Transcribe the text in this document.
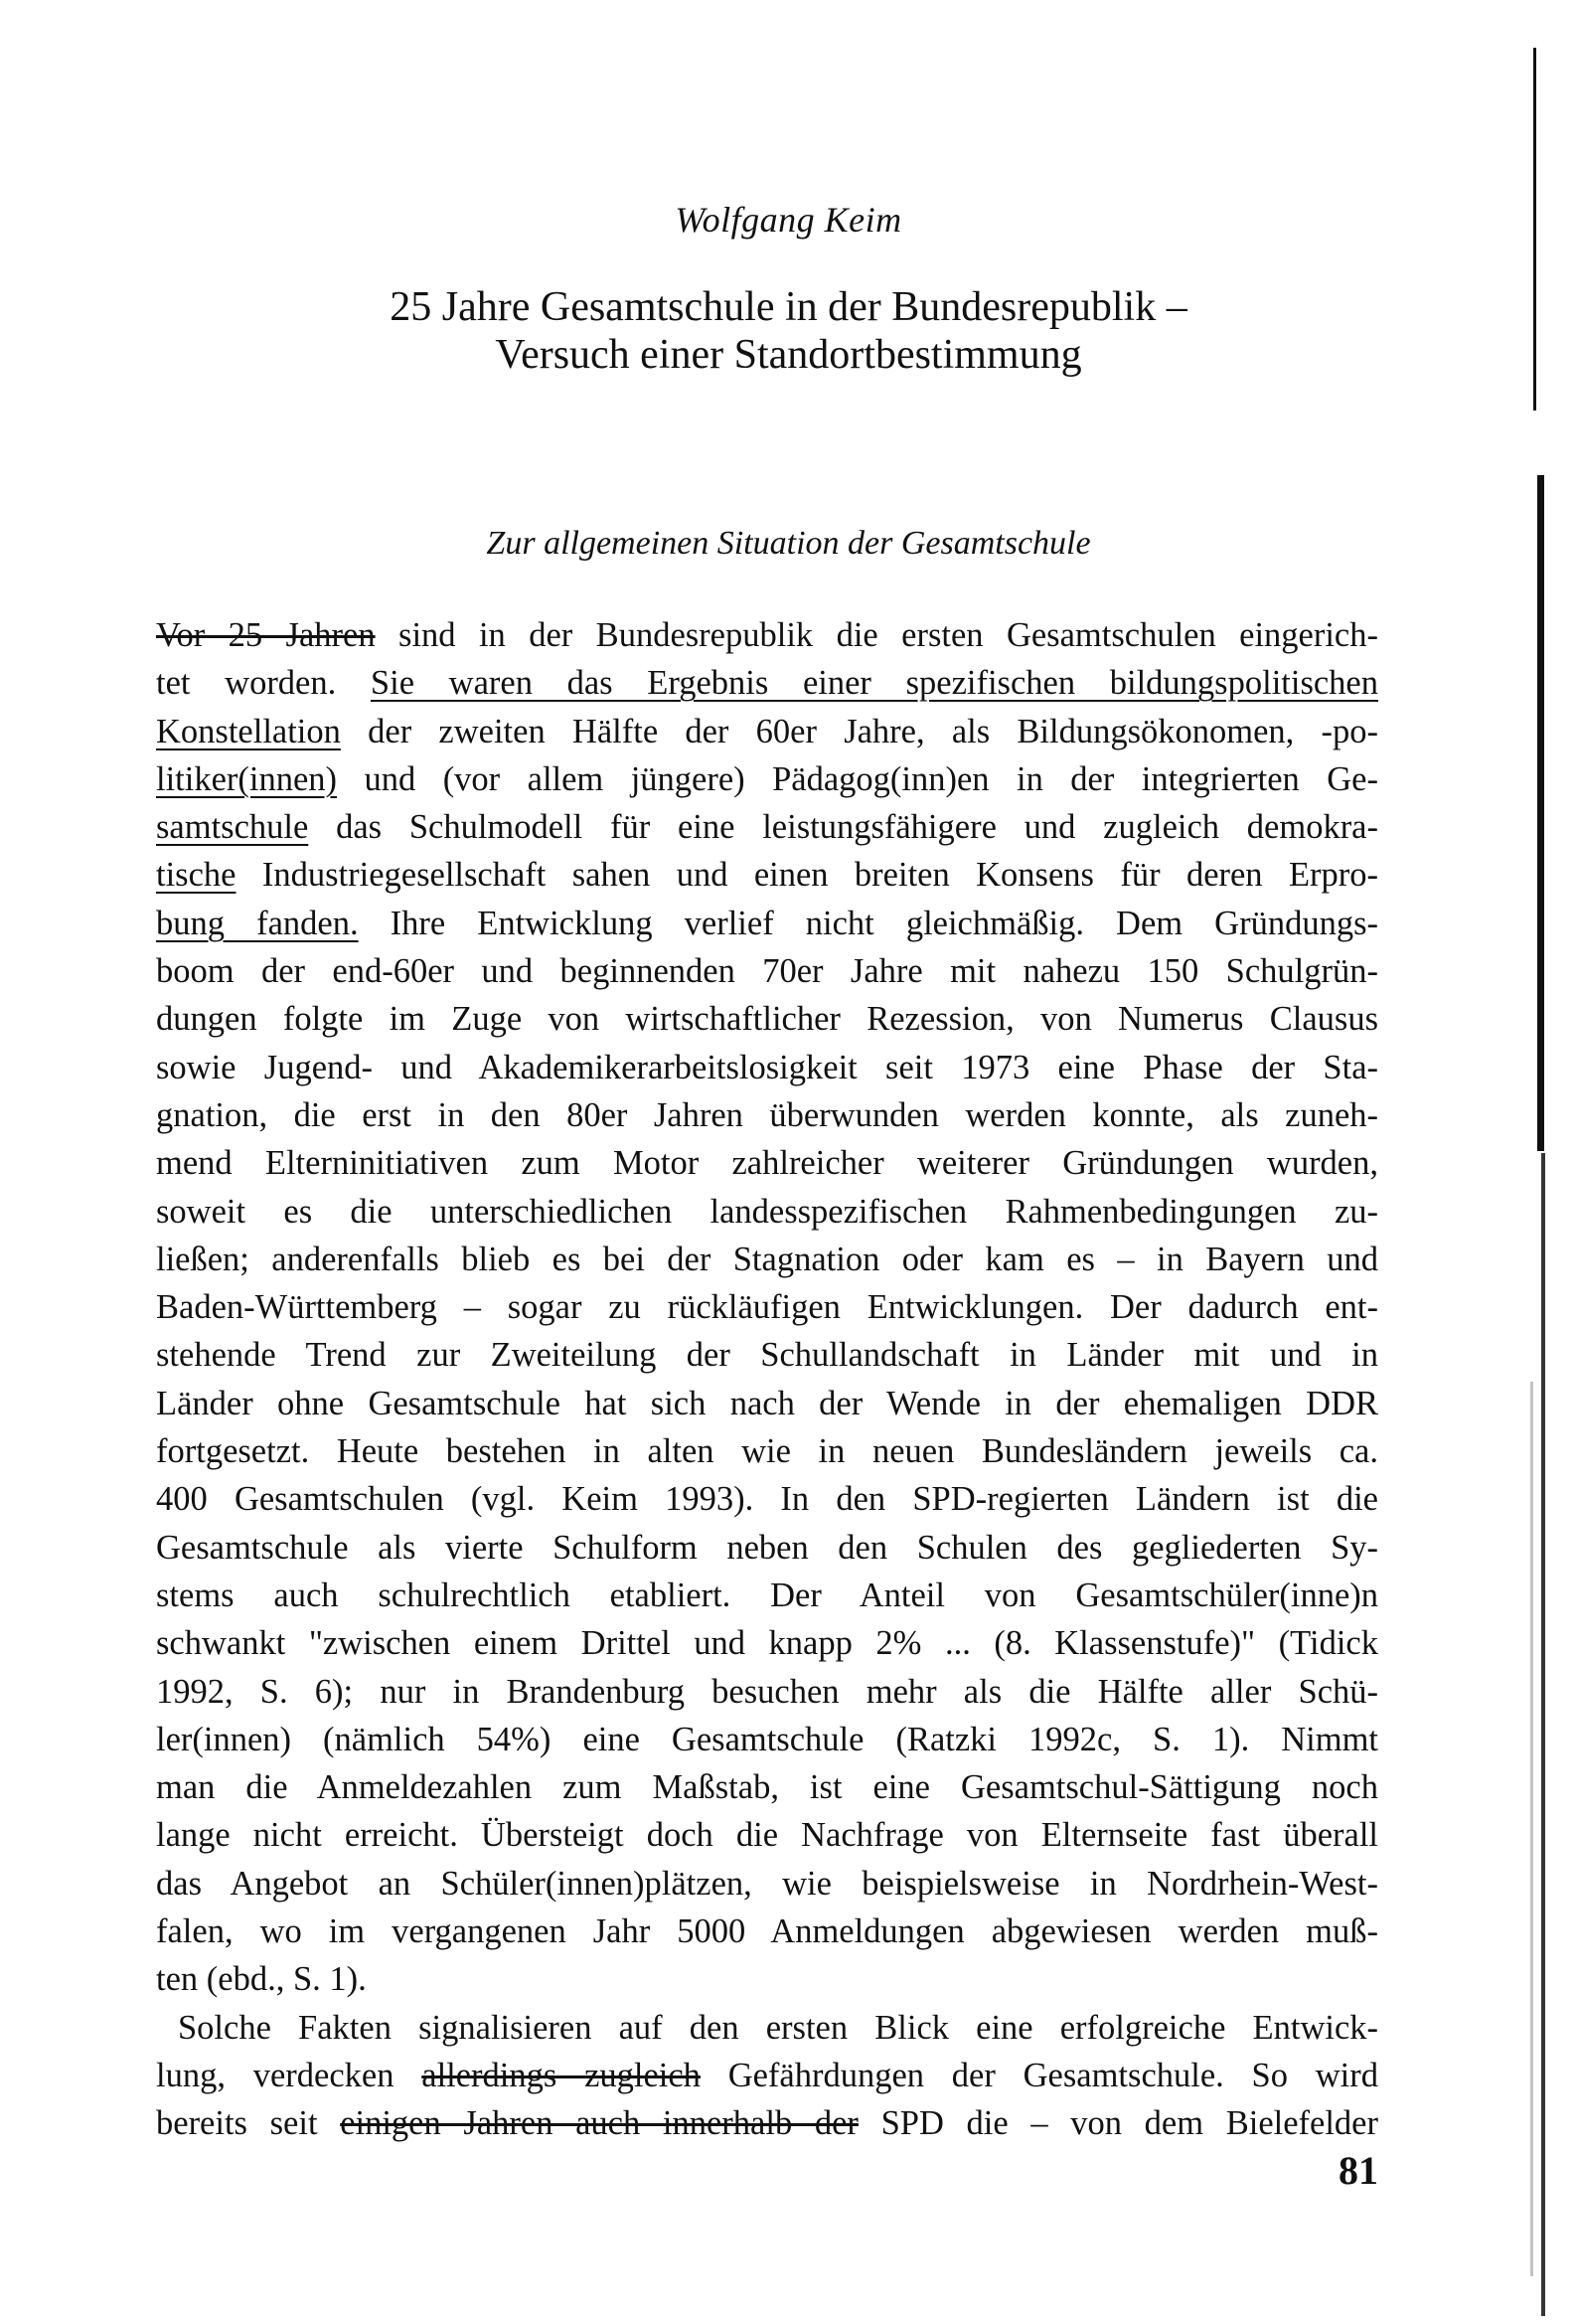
Wolfgang Keim
25 Jahre Gesamtschule in der Bundesrepublik –
Versuch einer Standortbestimmung
Zur allgemeinen Situation der Gesamtschule
Vor 25 Jahren sind in der Bundesrepublik die ersten Gesamtschulen eingerich-
tet worden. Sie waren das Ergebnis einer spezifischen bildungspolitischen
Konstellation der zweiten Hälfte der 60er Jahre, als Bildungsökonomen, -po-
litiker(innen) und (vor allem jüngere) Pädagog(inn)en in der integrierten Ge-
samtschule das Schulmodell für eine leistungsfähigere und zugleich demokra-
tische Industriegesellschaft sahen und einen breiten Konsens für deren Erpro-
bung fanden. Ihre Entwicklung verlief nicht gleichmäßig. Dem Gründungs-
boom der end-60er und beginnenden 70er Jahre mit nahezu 150 Schulgrün-
dungen folgte im Zuge von wirtschaftlicher Rezession, von Numerus Clausus
sowie Jugend- und Akademikerarbeitslosigkeit seit 1973 eine Phase der Sta-
gnation, die erst in den 80er Jahren überwunden werden konnte, als zuneh-
mend Elterninitiativen zum Motor zahlreicher weiterer Gründungen wurden,
soweit es die unterschiedlichen landesspezifischen Rahmenbedingungen zu-
ließen; anderenfalls blieb es bei der Stagnation oder kam es – in Bayern und
Baden-Württemberg – sogar zu rückläufigen Entwicklungen. Der dadurch ent-
stehende Trend zur Zweiteilung der Schullandschaft in Länder mit und in
Länder ohne Gesamtschule hat sich nach der Wende in der ehemaligen DDR
fortgesetzt. Heute bestehen in alten wie in neuen Bundesländern jeweils ca.
400 Gesamtschulen (vgl. Keim 1993). In den SPD-regierten Ländern ist die
Gesamtschule als vierte Schulform neben den Schulen des gegliederten Sy-
stems auch schulrechtlich etabliert. Der Anteil von Gesamtschüler(inne)n
schwankt "zwischen einem Drittel und knapp 2% ... (8. Klassenstufe)" (Tidick
1992, S. 6); nur in Brandenburg besuchen mehr als die Hälfte aller Schü-
ler(innen) (nämlich 54%) eine Gesamtschule (Ratzki 1992c, S. 1). Nimmt
man die Anmeldezahlen zum Maßstab, ist eine Gesamtschul-Sättigung noch
lange nicht erreicht. Übersteigt doch die Nachfrage von Elternseite fast überall
das Angebot an Schüler(innen)plätzen, wie beispielsweise in Nordrhein-West-
falen, wo im vergangenen Jahr 5000 Anmeldungen abgewiesen werden muß-
ten (ebd., S. 1).
Solche Fakten signalisieren auf den ersten Blick eine erfolgreiche Entwick-
lung, verdecken allerdings zugleich Gefährdungen der Gesamtschule. So wird
bereits seit einigen Jahren auch innerhalb der SPD die – von dem Bielefelder
81
